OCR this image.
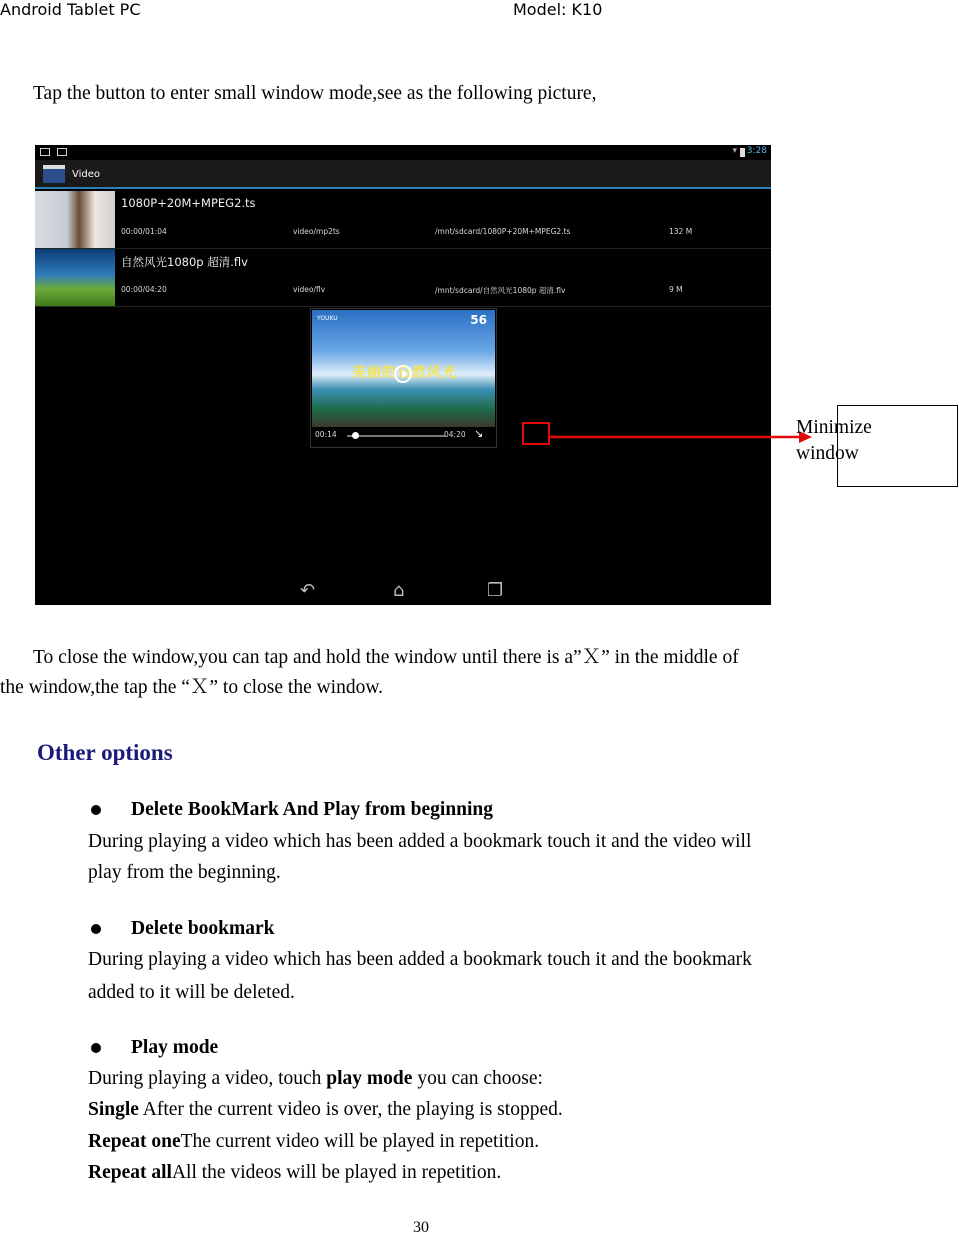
Android Tablet PC	Model: K10
Tap the button to enter small window mode,see as the following picture,
▾ 3:28
Video
1080P+20M+MPEG2.ts
00:00/01:04	video/mp2ts	/mnt/sdcard/1080P+20M+MPEG2.ts	132 M
自然风光1080p 超清.flv
00:00/04:20	video/flv	/mnt/sdcard/自然风光1080p 超清.flv	9 M
YOUKU	56
美丽的自然风光
00:14	04:20 ↘
↶	⌂	❐
Minimize
window
To close the window,you can tap and hold the window until there is a”Ｘ” in the middle of
the window,the tap the “Ｘ” to close the window.
Other options
Delete BookMark And Play from beginning
During playing a video which has been added a bookmark touch it and the video will
play from the beginning.
Delete bookmark
During playing a video which has been added a bookmark touch it and the bookmark
added to it will be deleted.
Play mode
During playing a video, touch play mode you can choose:
Single After the current video is over, the playing is stopped.
Repeat oneThe current video will be played in repetition.
Repeat allAll the videos will be played in repetition.
30
